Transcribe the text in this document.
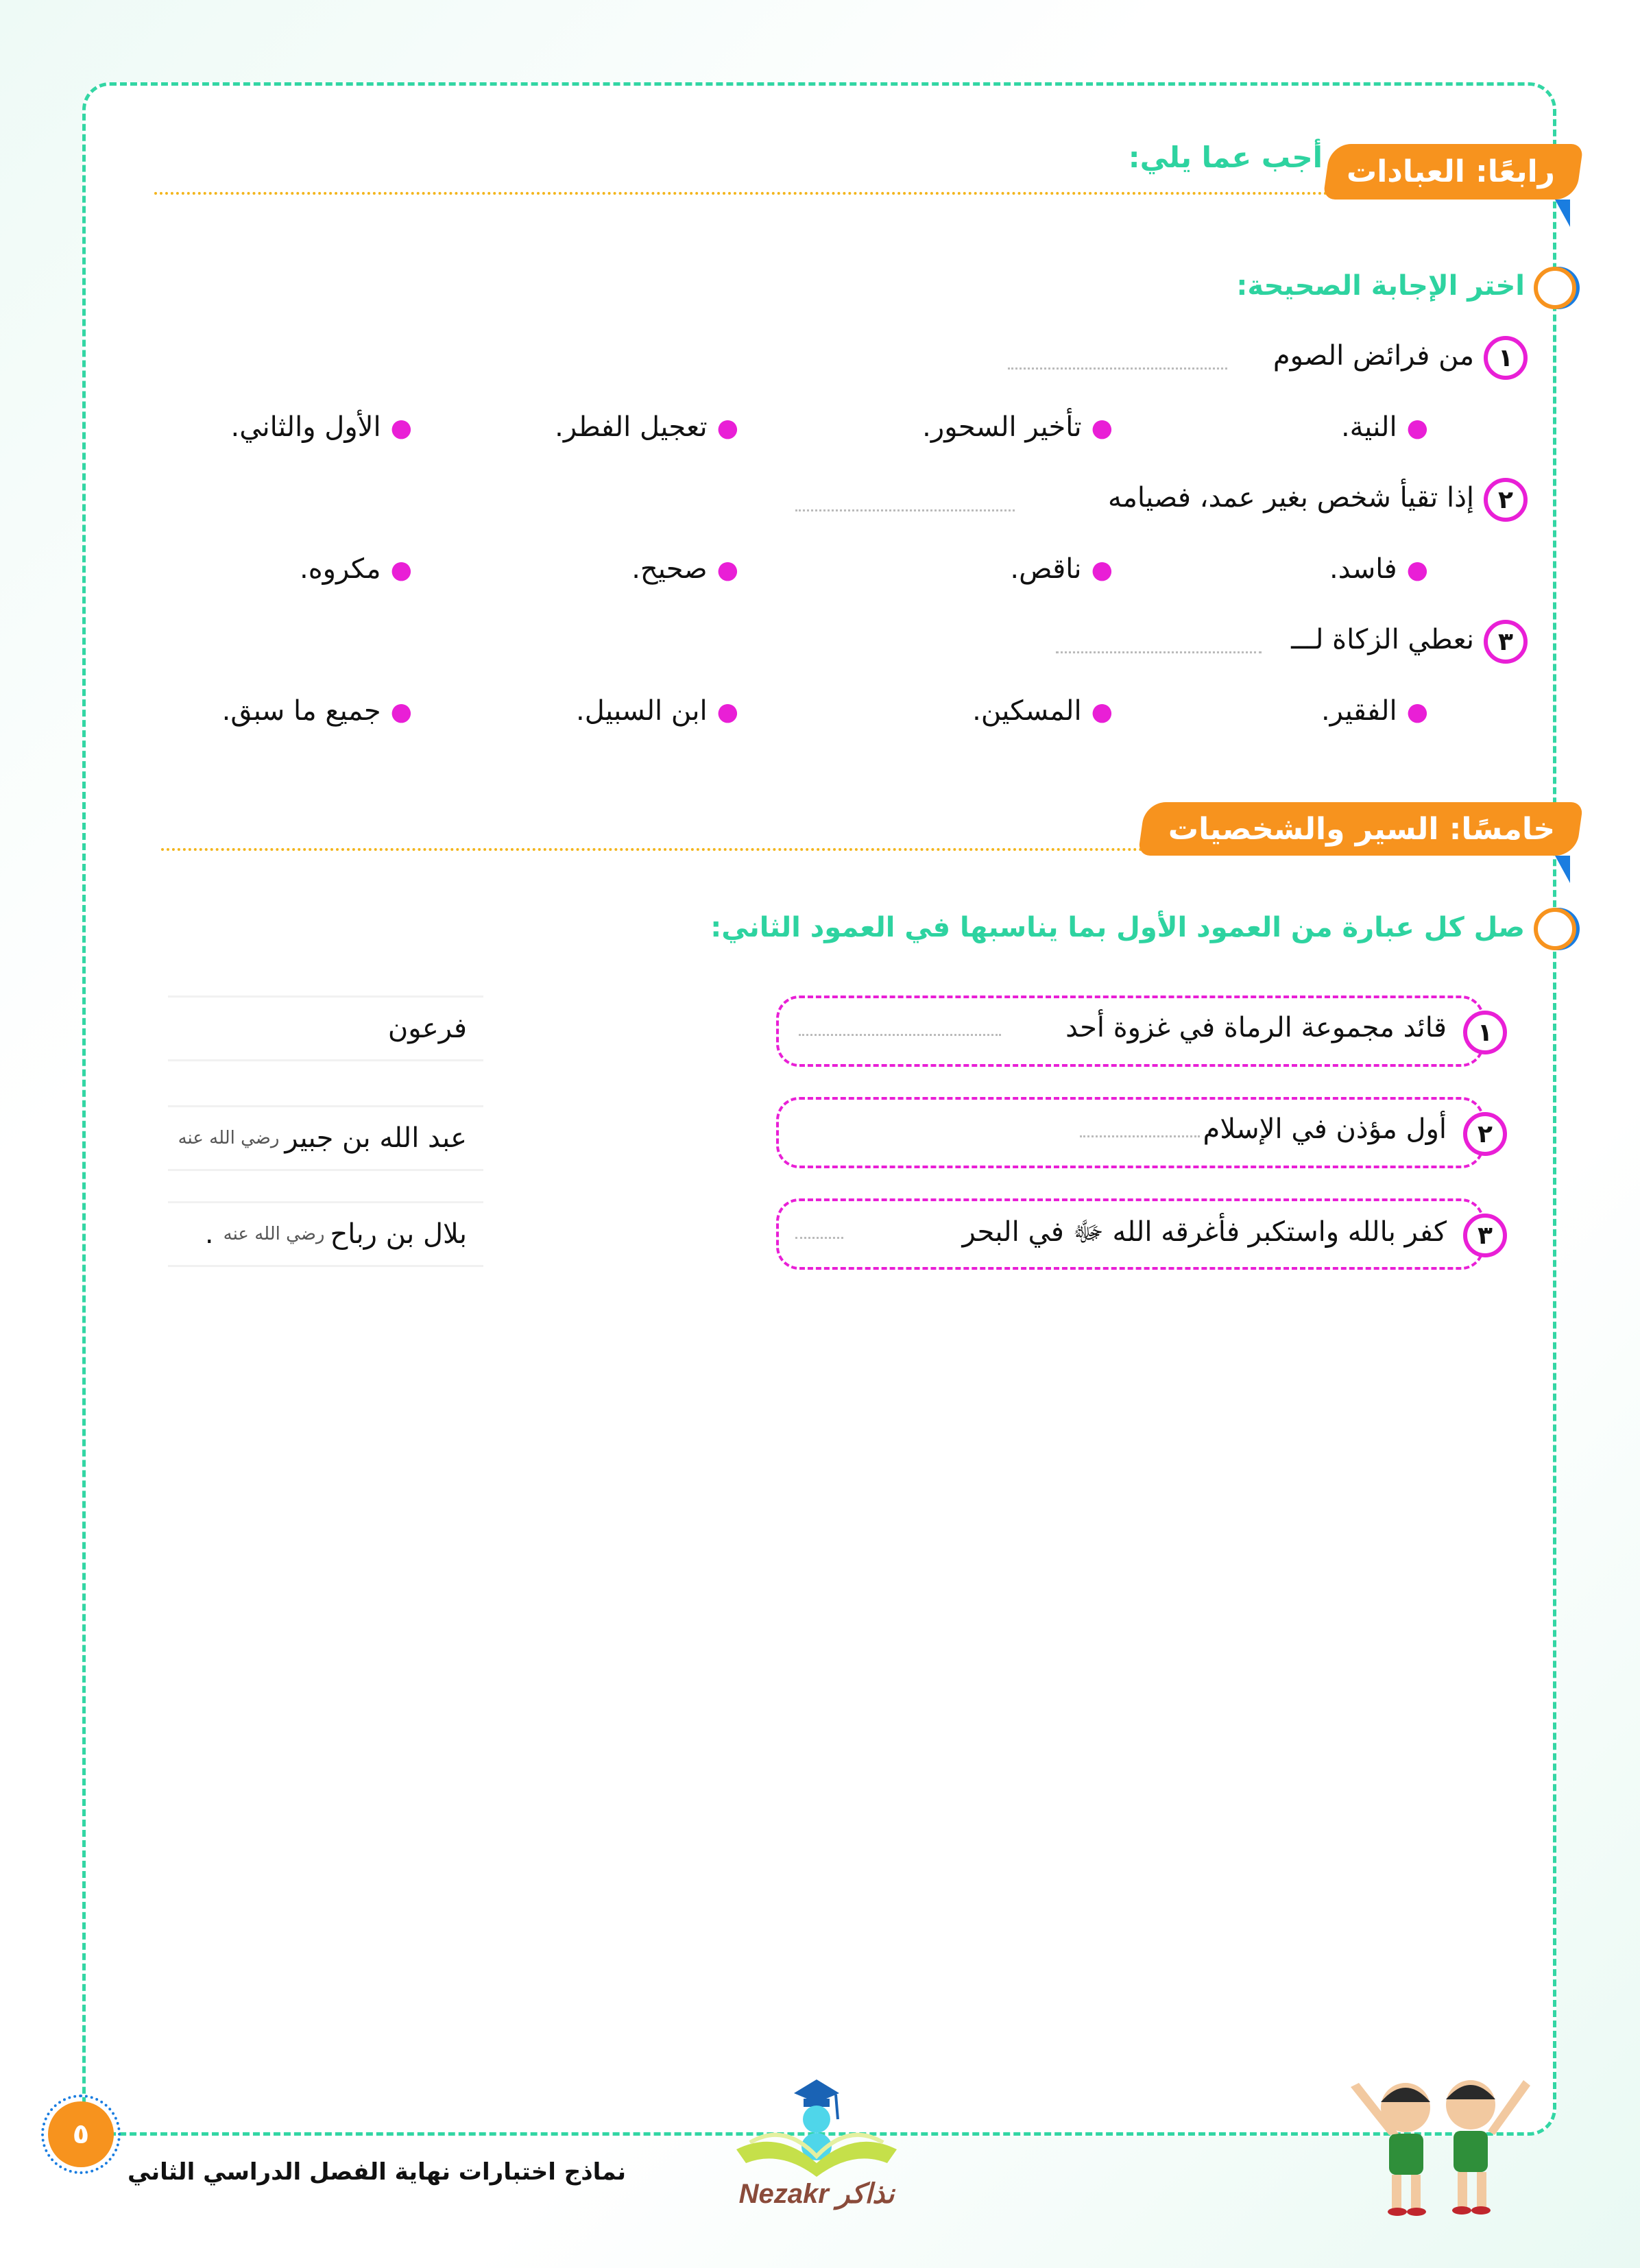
رابعًا: العبادات
أجب عما يلي:
اختر الإجابة الصحيحة:
١
من فرائض الصوم
●النية.
●تأخير السحور.
●تعجيل الفطر.
●الأول والثاني.
٢
إذا تقيأ شخص بغير عمد، فصيامه
●فاسد.
●ناقص.
●صحيح.
●مكروه.
٣
نعطي الزكاة لـــ
●الفقير.
●المسكين.
●ابن السبيل.
●جميع ما سبق.
خامسًا: السير والشخصيات
صل كل عبارة من العمود الأول بما يناسبها في العمود الثاني:
١
قائد مجموعة الرماة في غزوة أحد
٢
أول مؤذن في الإسلام
٣
كفر بالله واستكبر فأغرقه الله ﷻ في البحر
فرعون
رضي الله عنه عبد الله بن جبير
. رضي الله عنه بلال بن رباح
٥
نماذج اختبارات نهاية الفصل الدراسي الثاني
Nezakr نذاكر
